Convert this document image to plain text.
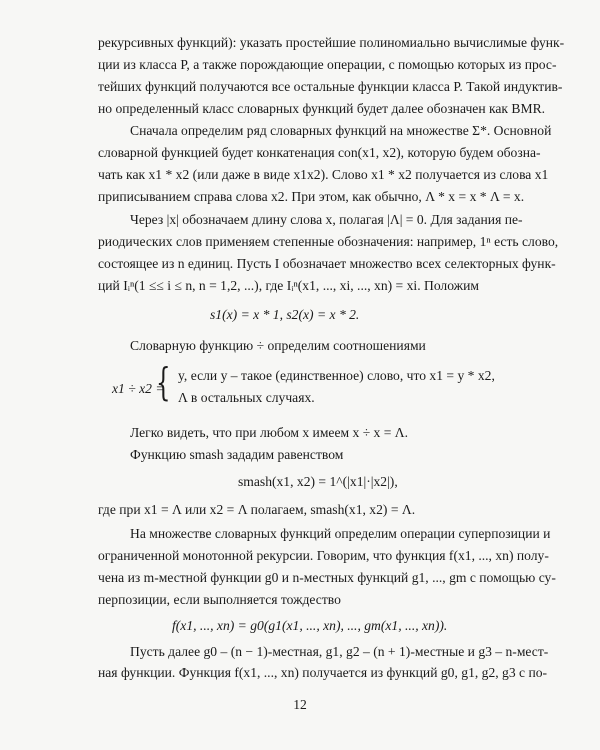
рекурсивных функций): указать простейшие полиномиально вычислимые функ-
ции из класса P, а также порождающие операции, с помощью которых из прос-
тейших функций получаются все остальные функции класса P. Такой индуктив-
но определенный класс словарных функций будет далее обозначен как BMR.
Сначала определим ряд словарных функций на множестве Σ*. Основной
словарной функцией будет конкатенация con(x1, x2), которую будем обозна-
чать как x1 * x2 (или даже в виде x1x2). Слово x1 * x2 получается из слова x1
приписыванием справа слова x2. При этом, как обычно, Λ * x = x * Λ = x.
Через |x| обозначаем длину слова x, полагая |Λ| = 0. Для задания пе-
риодических слов применяем степенные обозначения: например, 1ⁿ есть слово,
состоящее из n единиц. Пусть I обозначает множество всех селекторных функ-
ций Iᵢⁿ(1 ≤≤ i ≤ n, n = 1,2, ...), где Iᵢⁿ(x1, ..., xi, ..., xn) = xi. Положим
s1(x) = x * 1, s2(x) = x * 2.
Словарную функцию ÷ определим соотношениями
x1 ÷ x2 =
{ y, если y – такое (единственное) слово, что x1 = y * x2,
Λ в остальных случаях.
Легко видеть, что при любом x имеем x ÷ x = Λ.
Функцию smash зададим равенством
smash(x1, x2) = 1^(|x1|·|x2|),
где при x1 = Λ или x2 = Λ полагаем, smash(x1, x2) = Λ.
На множестве словарных функций определим операции суперпозиции и
ограниченной монотонной рекурсии. Говорим, что функция f(x1, ..., xn) полу-
чена из m-местной функции g0 и n-местных функций g1, ..., gm с помощью су-
перпозиции, если выполняется тождество
f(x1, ..., xn) = g0(g1(x1, ..., xn), ..., gm(x1, ..., xn)).
Пусть далее g0 – (n − 1)-местная, g1, g2 – (n + 1)-местные и g3 – n-мест-
ная функции. Функция f(x1, ..., xn) получается из функций g0, g1, g2, g3 с по-
12
